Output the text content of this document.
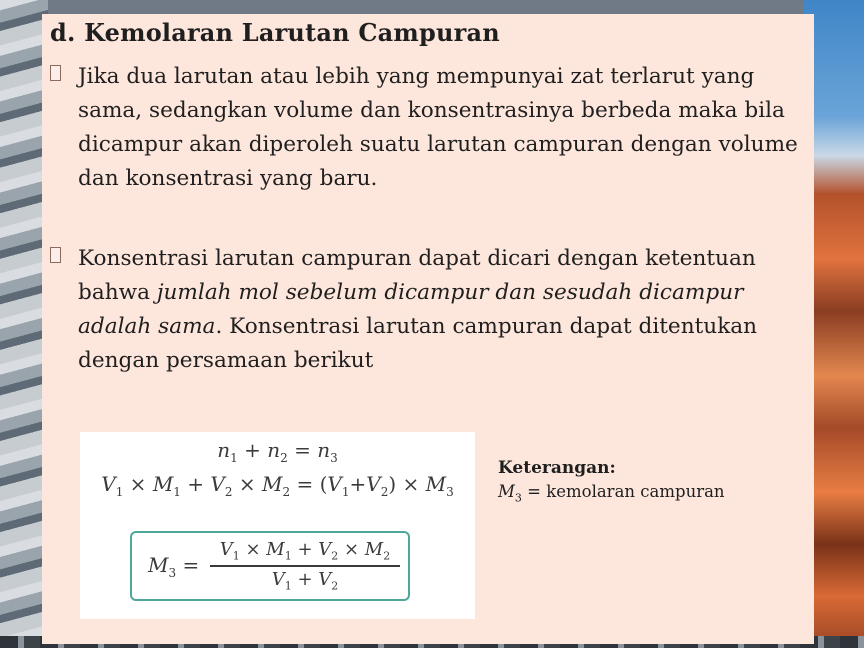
d. Kemolaran Larutan Campuran
Jika dua larutan atau lebih yang mempunyai zat terlarut yang sama, sedangkan volume dan konsentrasinya berbeda maka bila dicampur akan diperoleh suatu larutan campuran dengan volume dan konsentrasi yang baru.
Konsentrasi larutan campuran dapat dicari dengan ketentuan bahwa jumlah mol sebelum dicampur dan sesudah dicampur adalah sama. Konsentrasi larutan campuran dapat ditentukan dengan persamaan berikut
$n_1 + n_2 = n_3$
$V_1 \times M_1 + V_2 \times M_2 = (V_1+V_2) \times M_3$
$M_3$ =
$V_1 \times M_1 + V_2 \times M_2$
$V_1 + V_2$
Keterangan:
$M_3$ = kemolaran campuran
